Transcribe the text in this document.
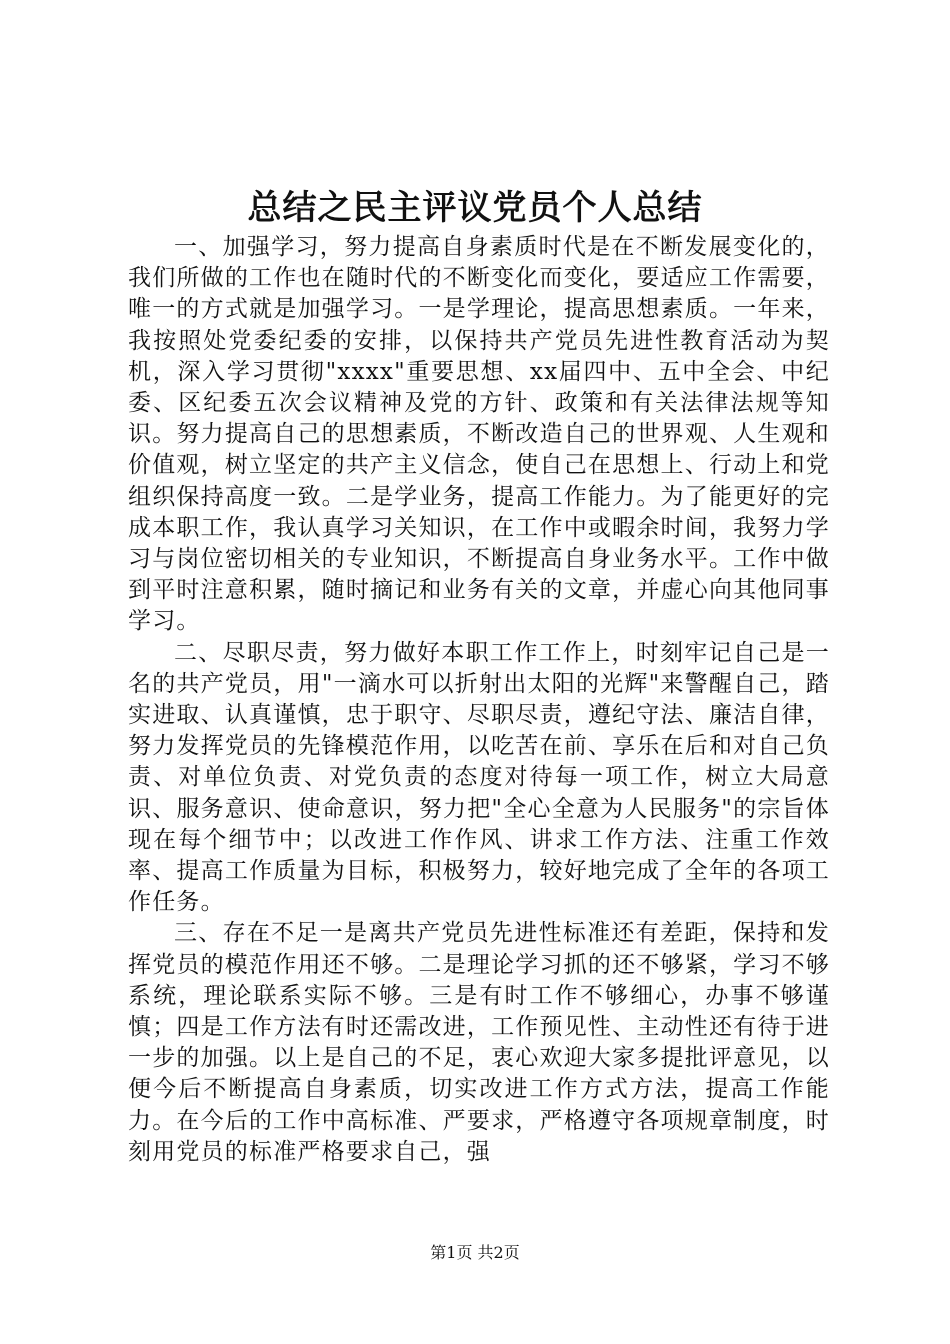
总结之民主评议党员个人总结

一、加强学习，努力提高自身素质时代是在不断发展变化的，我们所做的工作也在随时代的不断变化而变化，要适应工作需要，唯一的方式就是加强学习。一是学理论，提高思想素质。一年来，我按照处党委纪委的安排，以保持共产党员先进性教育活动为契机，深入学习贯彻"xxxx"重要思想、xx届四中、五中全会、中纪委、区纪委五次会议精神及党的方针、政策和有关法律法规等知识。努力提高自己的思想素质，不断改造自己的世界观、人生观和价值观，树立坚定的共产主义信念，使自己在思想上、行动上和党组织保持高度一致。二是学业务，提高工作能力。为了能更好的完成本职工作，我认真学习关知识，在工作中或暇余时间，我努力学习与岗位密切相关的专业知识，不断提高自身业务水平。工作中做到平时注意积累，随时摘记和业务有关的文章，并虚心向其他同事学习。

二、尽职尽责，努力做好本职工作工作上，时刻牢记自己是一名的共产党员，用"一滴水可以折射出太阳的光辉"来警醒自己，踏实进取、认真谨慎，忠于职守、尽职尽责，遵纪守法、廉洁自律，努力发挥党员的先锋模范作用，以吃苦在前、享乐在后和对自己负责、对单位负责、对党负责的态度对待每一项工作，树立大局意识、服务意识、使命意识，努力把"全心全意为人民服务"的宗旨体现在每个细节中；以改进工作作风、讲求工作方法、注重工作效率、提高工作质量为目标，积极努力，较好地完成了全年的各项工作任务。

三、存在不足一是离共产党员先进性标准还有差距，保持和发挥党员的模范作用还不够。二是理论学习抓的还不够紧，学习不够系统，理论联系实际不够。三是有时工作不够细心，办事不够谨慎；四是工作方法有时还需改进，工作预见性、主动性还有待于进一步的加强。以上是自己的不足，衷心欢迎大家多提批评意见，以便今后不断提高自身素质，切实改进工作方式方法，提高工作能力。在今后的工作中高标准、严要求，严格遵守各项规章制度，时刻用党员的标准严格要求自己，强

第1页 共2页
